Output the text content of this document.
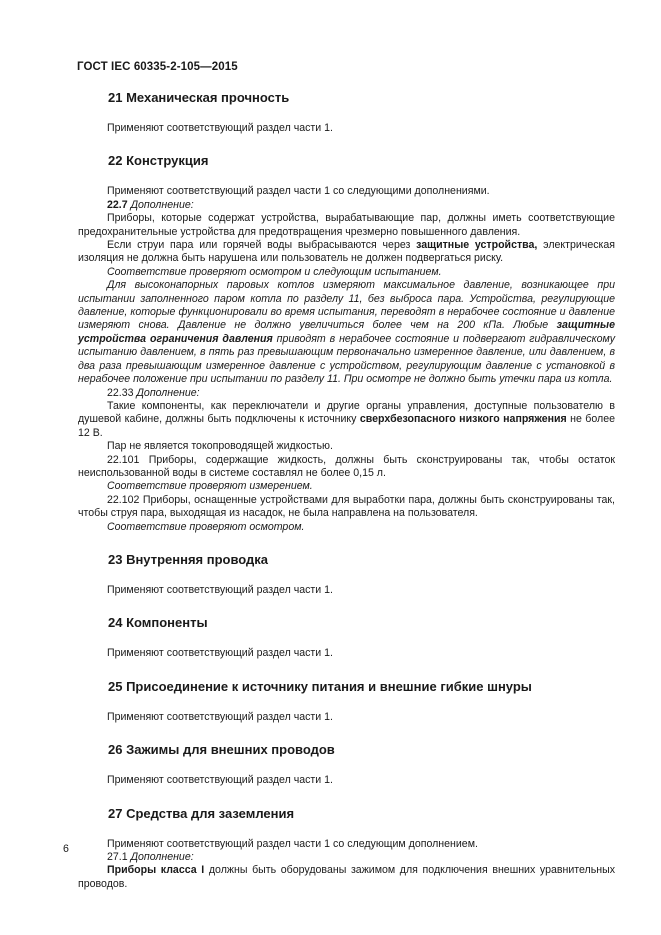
ГОСТ IEC 60335-2-105—2015
21 Механическая прочность

Применяют соответствующий раздел части 1.

22 Конструкция

Применяют соответствующий раздел части 1 со следующими дополнениями.

22.7 Дополнение:

Приборы, которые содержат устройства, вырабатывающие пар, должны иметь соответствующие предохранительные устройства для предотвращения чрезмерно повышенного давления.

Если струи пара или горячей воды выбрасываются через защитные устройства, электрическая изоляция не должна быть нарушена или пользователь не должен подвергаться риску.

Соответствие проверяют осмотром и следующим испытанием.

Для высоконапорных паровых котлов измеряют максимальное давление, возникающее при испытании заполненного паром котла по разделу 11, без выброса пара. Устройства, регулирующие давление, которые функционировали во время испытания, переводят в нерабочее состояние и давление измеряют снова. Давление не должно увеличиться более чем на 200 кПа. Любые защитные устройства ограничения давления приводят в нерабочее состояние и подвергают гидравлическому испытанию давлением, в пять раз превышающим первоначально измеренное давление, или давлением, в два раза превышающим измеренное давление с устройством, регулирующим давление с установкой в нерабочее положение при испытании по разделу 11. При осмотре не должно быть утечки пара из котла.

22.33 Дополнение:

Такие компоненты, как переключатели и другие органы управления, доступные пользователю в душевой кабине, должны быть подключены к источнику сверхбезопасного низкого напряжения не более 12 В.

Пар не является токопроводящей жидкостью.

22.101 Приборы, содержащие жидкость, должны быть сконструированы так, чтобы остаток неиспользованной воды в системе составлял не более 0,15 л.

Соответствие проверяют измерением.

22.102 Приборы, оснащенные устройствами для выработки пара, должны быть сконструированы так, чтобы струя пара, выходящая из насадок, не была направлена на пользователя.

Соответствие проверяют осмотром.

23 Внутренняя проводка

Применяют соответствующий раздел части 1.

24 Компоненты

Применяют соответствующий раздел части 1.

25 Присоединение к источнику питания и внешние гибкие шнуры

Применяют соответствующий раздел части 1.

26 Зажимы для внешних проводов

Применяют соответствующий раздел части 1.

27 Средства для заземления

Применяют соответствующий раздел части 1 со следующим дополнением.

27.1 Дополнение:

Приборы класса I должны быть оборудованы зажимом для подключения внешних уравнительных проводов.

6
